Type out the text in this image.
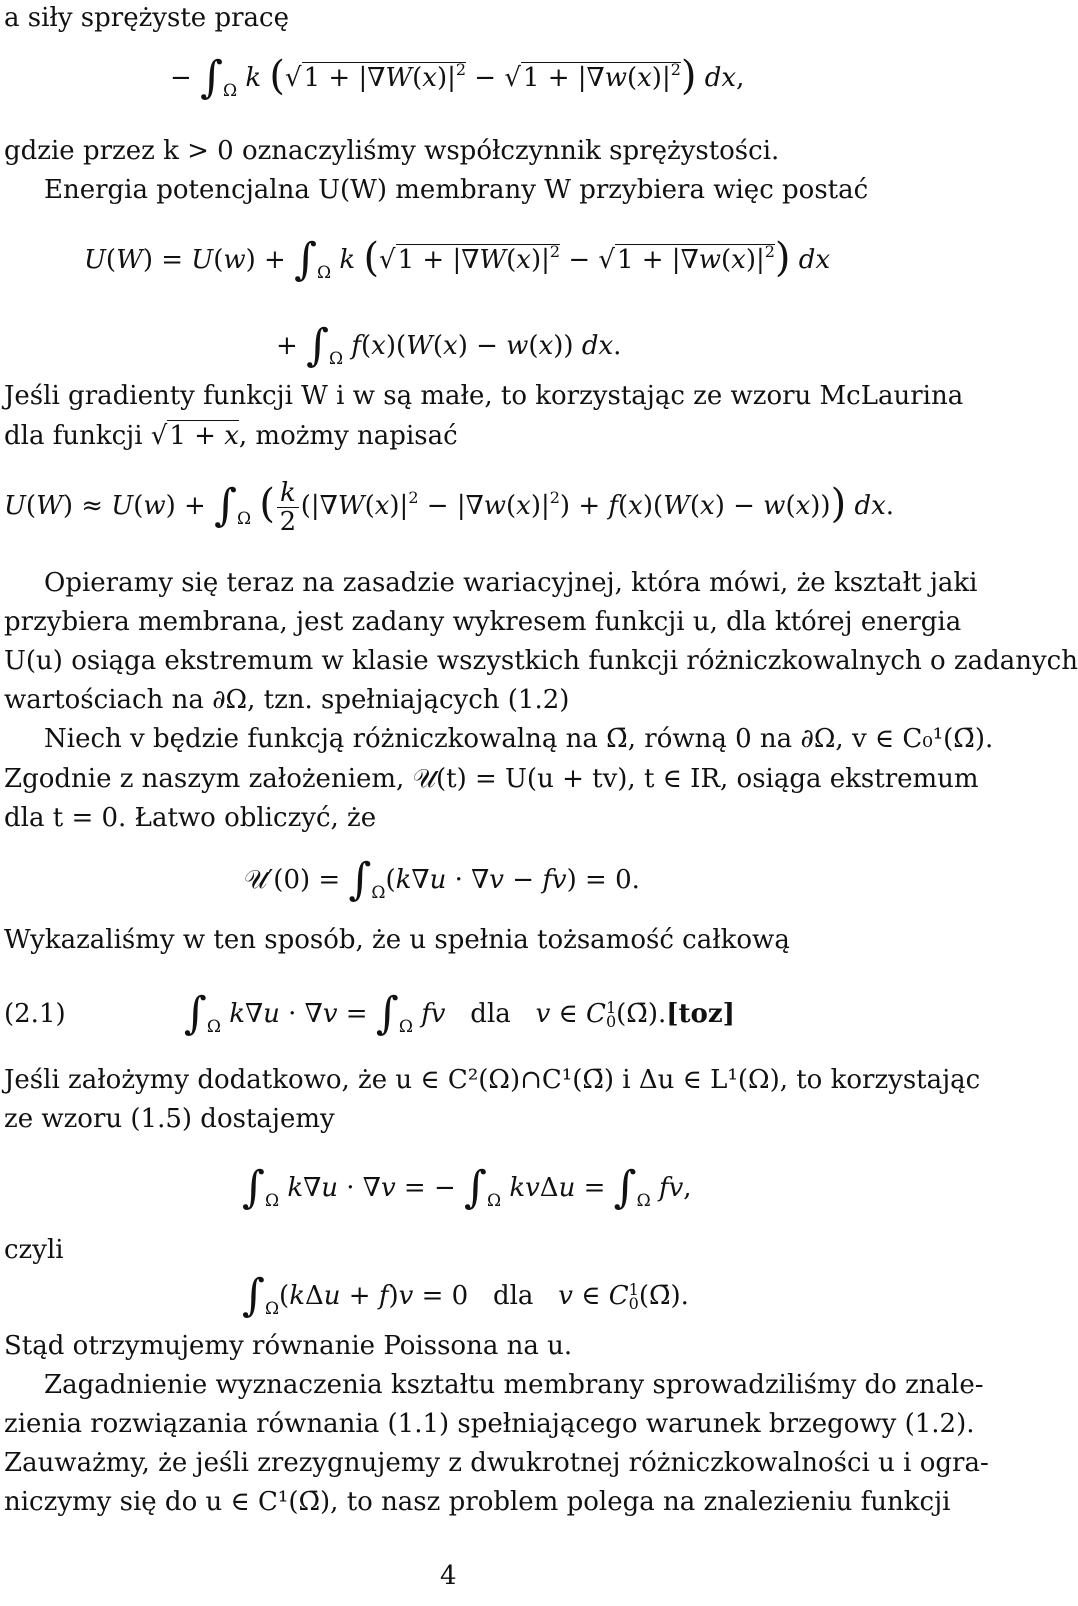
a siły sprężyste pracę
− $\int_\Omega$ k $(√1 + |\nabla W(x)|^2 - √1 + |\nabla w(x)|^2)$ dx,
gdzie przez k > 0 oznaczyliśmy współczynnik sprężystości.
Energia potencjalna U(W) membrany W przybiera więc postać
$U(W) = U(w) + \int_\Omega$ k $(√1 + |\nabla W(x)|^2 - √1 + |\nabla w(x)|^2)$ dx
+ $\int_\Omega$ f(x)(W(x) − w(x)) dx.
Jeśli gradienty funkcji W i w są małe, to korzystając ze wzoru McLaurina
dla funkcji √1 + x, możmy napisać
$U(W) \approx U(w) + \int_\Omega$ ( $\frac{k}{2} (|\nabla W(x)|^2 - |\nabla w(x)|^2) + f(x)(W(x) - w(x))$) dx.
Opieramy się teraz na zasadzie wariacyjnej, która mówi, że kształt jaki
przybiera membrana, jest zadany wykresem funkcji u, dla której energia
U(u) osiąga ekstremum w klasie wszystkich funkcji różniczkowalnych o zadanych
wartościach na ∂Ω, tzn. spełniających (1.2)
Niech v będzie funkcją różniczkowalną na Ω̄, równą 0 na ∂Ω, v ∈ C₀¹(Ω̄).
Zgodnie z naszym założeniem, 𝒰(t) = U(u + tv), t ∈ IR, osiąga ekstremum
dla t = 0. Łatwo obliczyć, że
𝒰′(0) = $\int_\Omega(k\nabla u \cdot \nabla v - fv) = 0$.
Wykazaliśmy w ten sposób, że u spełnia tożsamość całkową
(2.1)	$\int_\Omega$ $k\nabla u \cdot \nabla v = \int_\Omega$ fv dla v ∈ C 1
0 (Ω̄).[toz]
Jeśli założymy dodatkowo, że u ∈ C²(Ω)∩C¹(Ω̄) i Δu ∈ L¹(Ω), to korzystając
ze wzoru (1.5) dostajemy
$\int_\Omega$ k∇u · ∇v = − $\int_\Omega$ $kv\Delta u = \int_\Omega$ fv,
czyli
$\int_\Omega(k\Delta u + f)v = 0$   dla v ∈ C 1
0 (Ω̄).
Stąd otrzymujemy równanie Poissona na u.
Zagadnienie wyznaczenia kształtu membrany sprowadziliśmy do znale-
zienia rozwiązania równania (1.1) spełniającego warunek brzegowy (1.2).
Zauważmy, że jeśli zrezygnujemy z dwukrotnej różniczkowalności u i ogra-
niczymy się do u ∈ C¹(Ω̄), to nasz problem polega na znalezieniu funkcji
4
